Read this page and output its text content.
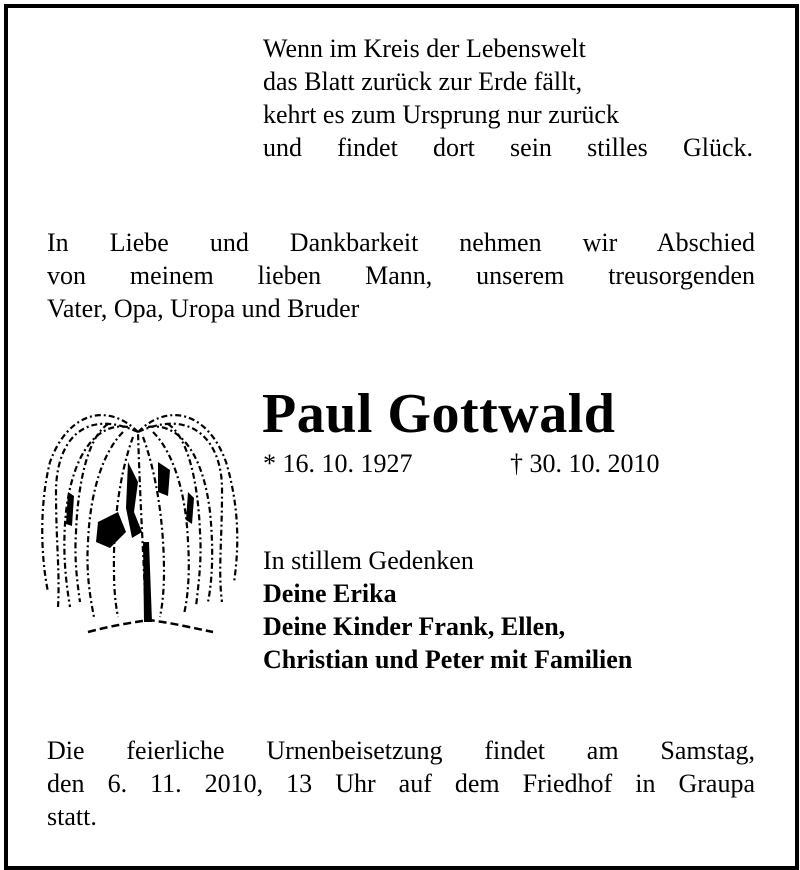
Wenn im Kreis der Lebenswelt
das Blatt zurück zur Erde fällt,
kehrt es zum Ursprung nur zurück
und findet dort sein stilles Glück.
In Liebe und Dankbarkeit nehmen wir Abschied
von meinem lieben Mann, unserem treusorgenden
Vater, Opa, Uropa und Bruder
Paul Gottwald
* 16. 10. 1927	† 30. 10. 2010
In stillem Gedenken
Deine Erika
Deine Kinder Frank, Ellen,
Christian und Peter mit Familien
Die feierliche Urnenbeisetzung findet am Samstag,
den 6. 11. 2010, 13 Uhr auf dem Friedhof in Graupa
statt.
